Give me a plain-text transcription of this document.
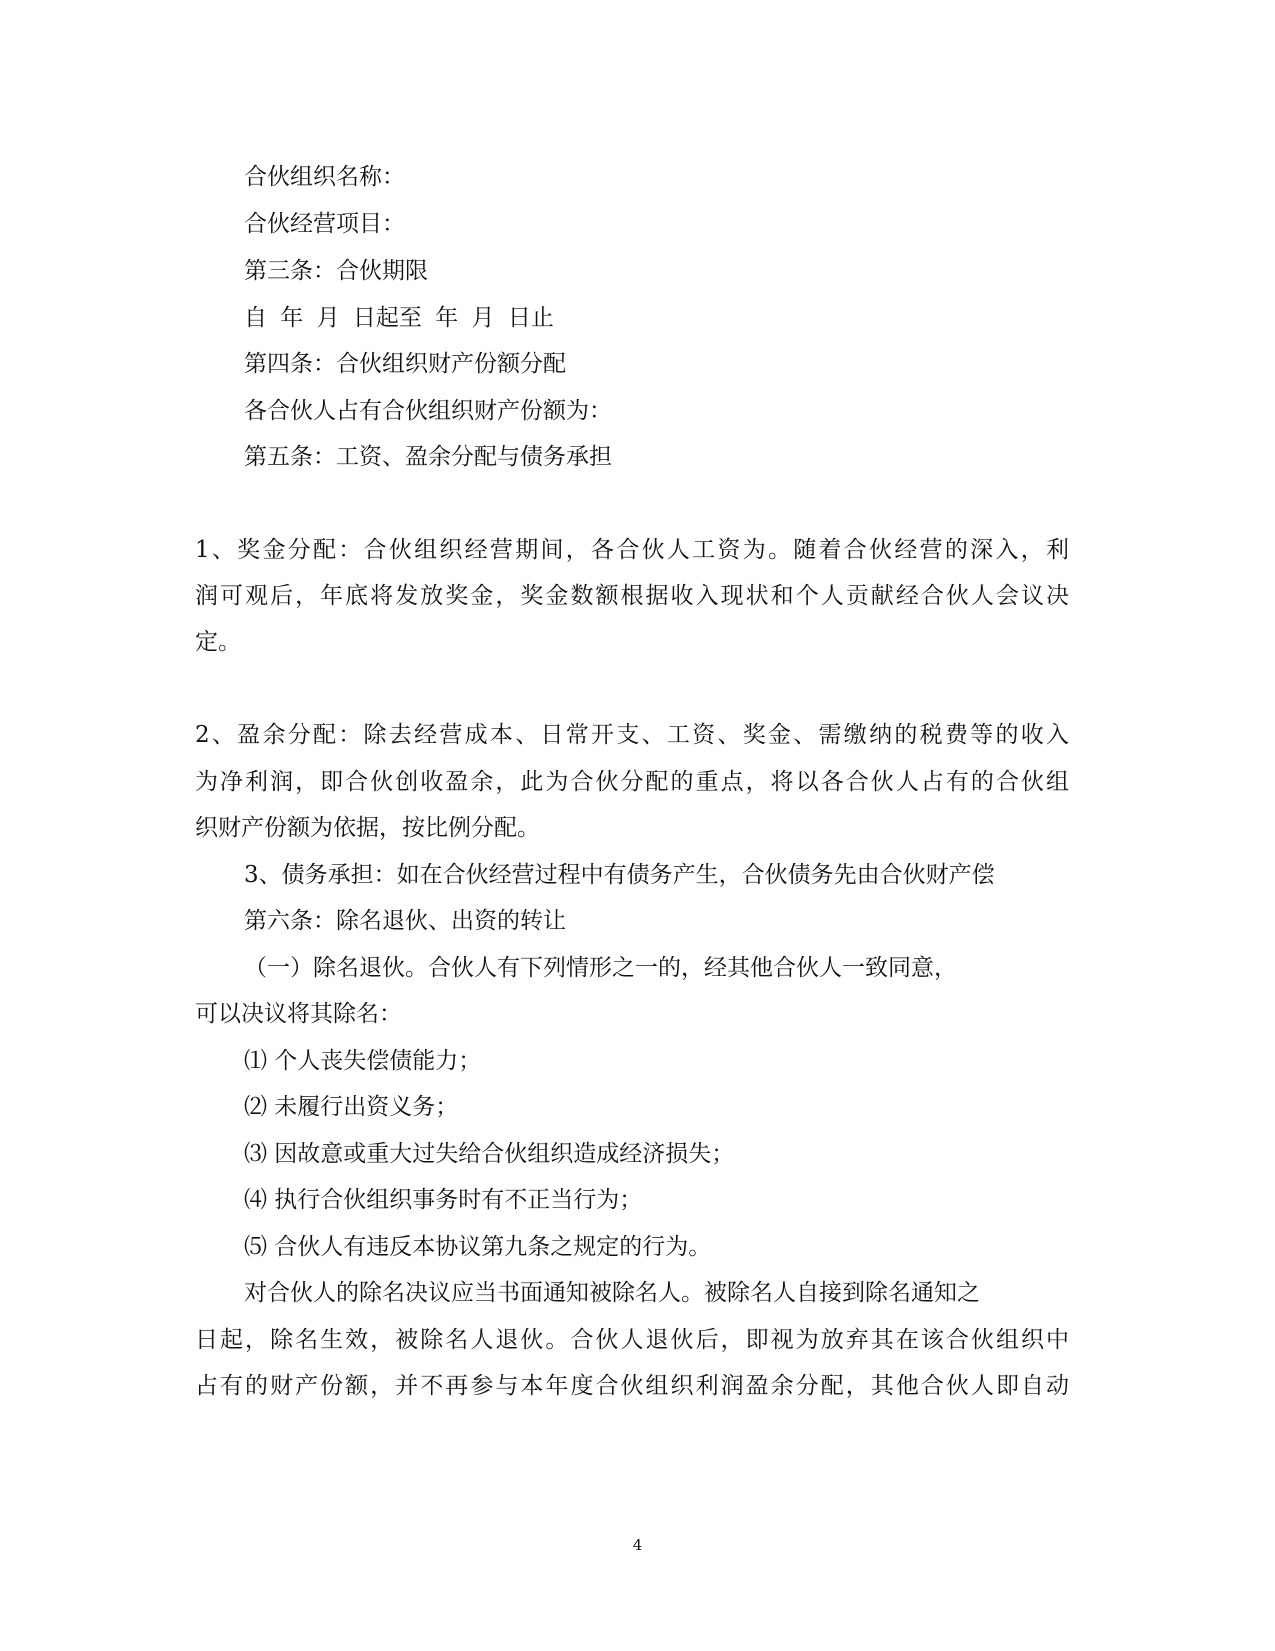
合伙组织名称：
合伙经营项目：
第三条：合伙期限
自 年 月 日起至 年 月 日止
第四条：合伙组织财产份额分配
各合伙人占有合伙组织财产份额为：
第五条：工资、盈余分配与债务承担
1、奖金分配：合伙组织经营期间，各合伙人工资为。随着合伙经营的深入，利
润可观后，年底将发放奖金，奖金数额根据收入现状和个人贡献经合伙人会议决
定。
2、盈余分配：除去经营成本、日常开支、工资、奖金、需缴纳的税费等的收入
为净利润，即合伙创收盈余，此为合伙分配的重点，将以各合伙人占有的合伙组
织财产份额为依据，按比例分配。
3、债务承担：如在合伙经营过程中有债务产生，合伙债务先由合伙财产偿
第六条：除名退伙、出资的转让
（一）除名退伙。合伙人有下列情形之一的，经其他合伙人一致同意，
可以决议将其除名：
⑴ 个人丧失偿债能力；
⑵ 未履行出资义务；
⑶ 因故意或重大过失给合伙组织造成经济损失；
⑷ 执行合伙组织事务时有不正当行为；
⑸ 合伙人有违反本协议第九条之规定的行为。
对合伙人的除名决议应当书面通知被除名人。被除名人自接到除名通知之
日起，除名生效，被除名人退伙。合伙人退伙后，即视为放弃其在该合伙组织中
占有的财产份额，并不再参与本年度合伙组织利润盈余分配，其他合伙人即自动
4
